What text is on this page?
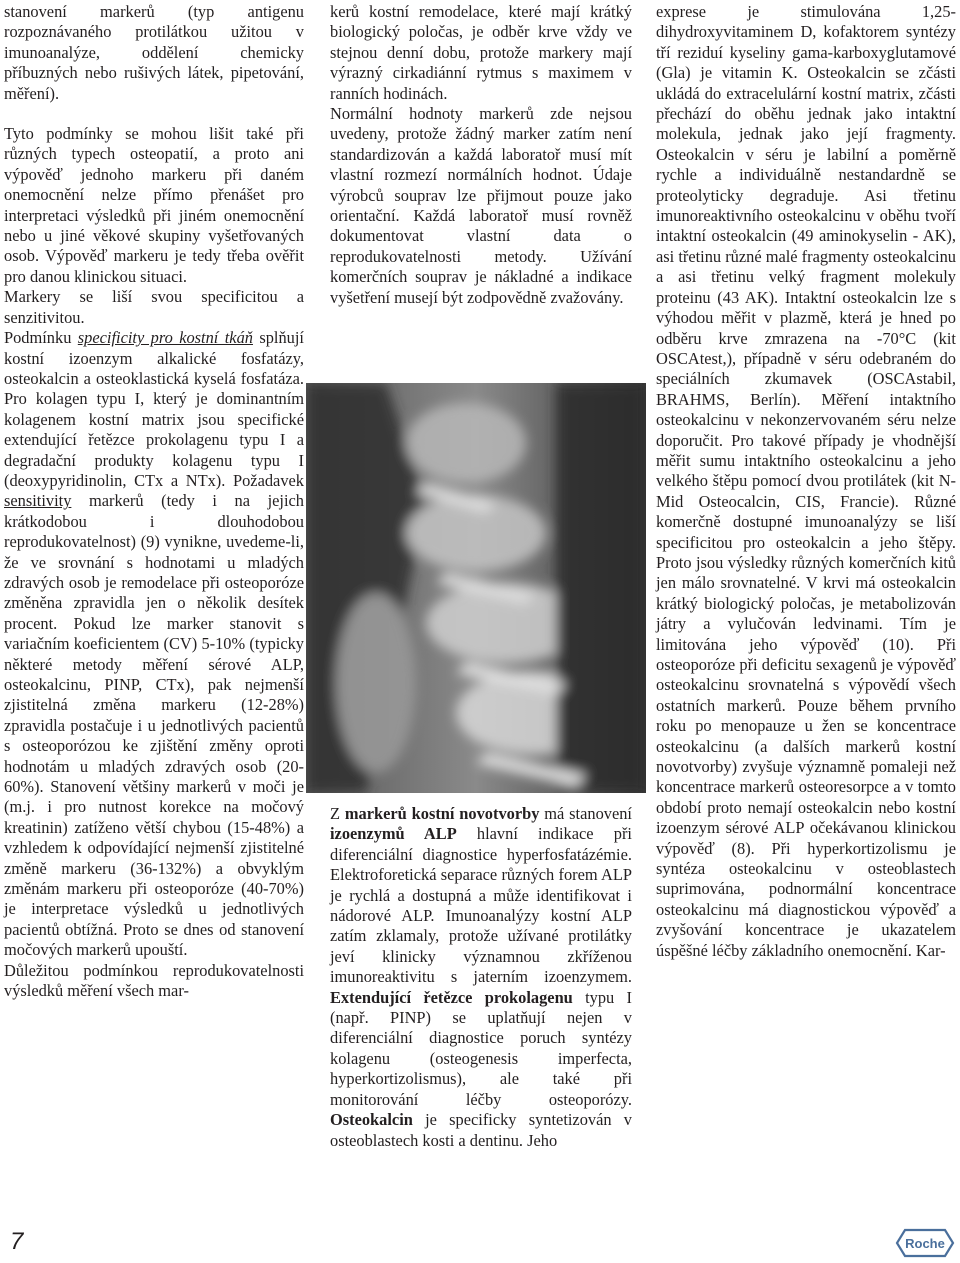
stanovení markerů (typ antigenu rozpoznávaného protilátkou užitou v imunoanalýze, oddělení chemicky příbuzných nebo rušivých látek, pipetování, měření).

Tyto podmínky se mohou lišit také při různých typech osteopatií, a proto ani výpověď jednoho markeru při daném onemocnění nelze přímo přenášet pro interpretaci výsledků při jiném onemocnění nebo u jiné věkové skupiny vyšetřovaných osob. Výpověď markeru je tedy třeba ověřit pro danou klinickou situaci.

Markery se liší svou specificitou a senzitivitou.

Podmínku specificity pro kostní tkáň splňují kostní izoenzym alkalické fosfatázy, osteokalcin a osteoklastická kyselá fosfatáza. Pro kolagen typu I, který je dominantním kolagenem kostní matrix jsou specifické extendující řetězce prokolagenu typu I a degradační produkty kolagenu typu I (deoxypyridinolin, CTx a NTx). Požadavek sensitivity markerů (tedy i na jejich krátkodobou i dlouhodobou reprodukovatelnost) (9) vynikne, uvedeme-li, že ve srovnání s hodnotami u mladých zdravých osob je remodelace při osteoporóze změněna zpravidla jen o několik desítek procent. Pokud lze marker stanovit s variačním koeficientem (CV) 5-10% (typicky některé metody měření sérové ALP, osteokalcinu, PINP, CTx), pak nejmenší zjistitelná změna markeru (12-28%) zpravidla postačuje i u jednotlivých pacientů s osteoporózou ke zjištění změny oproti hodnotám u mladých zdravých osob (20-60%). Stanovení většiny markerů v moči je (m.j. i pro nutnost korekce na močový kreatinin) zatíženo větší chybou (15-48%) a vzhledem k odpovídající nejmenší zjistitelné změně markeru (36-132%) a obvyklým změnám markeru při osteoporóze (40-70%) je interpretace výsledků u jednotlivých pacientů obtížná. Proto se dnes od stanovení močových markerů upouští.

Důležitou podmínkou reprodukovatelnosti výsledků měření všech mar-

kerů kostní remodelace, které mají krátký biologický poločas, je odběr krve vždy ve stejnou denní dobu, protože markery mají výrazný cirkadiánní rytmus s maximem v ranních hodinách.

Normální hodnoty markerů zde nejsou uvedeny, protože žádný marker zatím není standardizován a každá laboratoř musí mít vlastní rozmezí normálních hodnot. Údaje výrobců souprav lze přijmout pouze jako orientační. Každá laboratoř musí rovněž dokumentovat vlastní data o reprodukovatelnosti metody. Užívání komerčních souprav je nákladné a indikace vyšetření musejí být zodpovědně zvažovány.

Z markerů kostní novotvorby má stanovení izoenzymů ALP hlavní indikace při diferenciální diagnostice hyperfosfatázémie. Elektroforetická separace různých forem ALP je rychlá a dostupná a může identifikovat i nádorové ALP. Imunoanalýzy kostní ALP zatím zklamaly, protože užívané protilátky jeví klinicky významnou zkříženou imunoreaktivitu s jaterním izoenzymem. Extendující řetězce prokolagenu typu I (např. PINP) se uplatňují nejen v diferenciální diagnostice poruch syntézy kolagenu (osteogenesis imperfecta, hyperkortizolismus), ale také při monitorování léčby osteoporózy. Osteokalcin je specificky syntetizován v osteoblastech kosti a dentinu. Jeho

exprese je stimulována 1,25-dihydroxyvitaminem D, kofaktorem syntézy tří reziduí kyseliny gama-karboxyglutamové (Gla) je vitamin K. Osteokalcin se zčásti ukládá do extracelulární kostní matrix, zčásti přechází do oběhu jednak jako intaktní molekula, jednak jako její fragmenty. Osteokalcin v séru je labilní a poměrně rychle a individuálně nestandardně se proteolyticky degraduje. Asi třetinu imunoreaktivního osteokalcinu v oběhu tvoří intaktní osteokalcin (49 aminokyselin - AK), asi třetinu různé malé fragmenty osteokalcinu a asi třetinu velký fragment molekuly proteinu (43 AK). Intaktní osteokalcin lze s výhodou měřit v plazmě, která je hned po odběru krve zmrazena na -70°C (kit OSCAtest,), případně v séru odebraném do speciálních zkumavek (OSCAstabil, BRAHMS, Berlín). Měření intaktního osteokalcinu v nekonzervovaném séru nelze doporučit. Pro takové případy je vhodnější měřit sumu intaktního osteokalcinu a jeho velkého štěpu pomocí dvou protilátek (kit N-Mid Osteocalcin, CIS, Francie). Různé komerčně dostupné imunoanalýzy se liší specificitou pro osteokalcin a jeho štěpy. Proto jsou výsledky různých komerčních kitů jen málo srovnatelné. V krvi má osteokalcin krátký biologický poločas, je metabolizován játry a vylučován ledvinami. Tím je limitována jeho výpověď (10). Při osteoporóze při deficitu sexagenů je výpověď osteokalcinu srovnatelná s výpovědí všech ostatních markerů. Pouze během prvního roku po menopauze u žen se koncentrace osteokalcinu (a dalších markerů kostní novotvorby) zvyšuje významně pomaleji než koncentrace markerů osteoresorpce a v tomto období proto nemají osteokalcin nebo kostní izoenzym sérové ALP očekávanou klinickou výpověď (8). Při hyperkortizolismu je syntéza osteokalcinu v osteoblastech suprimována, podnormální koncentrace osteokalcinu má diagnostickou výpověď a zvyšování koncentrace je ukazatelem úspěšné léčby základního onemocnění. Kar-

7	Roche
